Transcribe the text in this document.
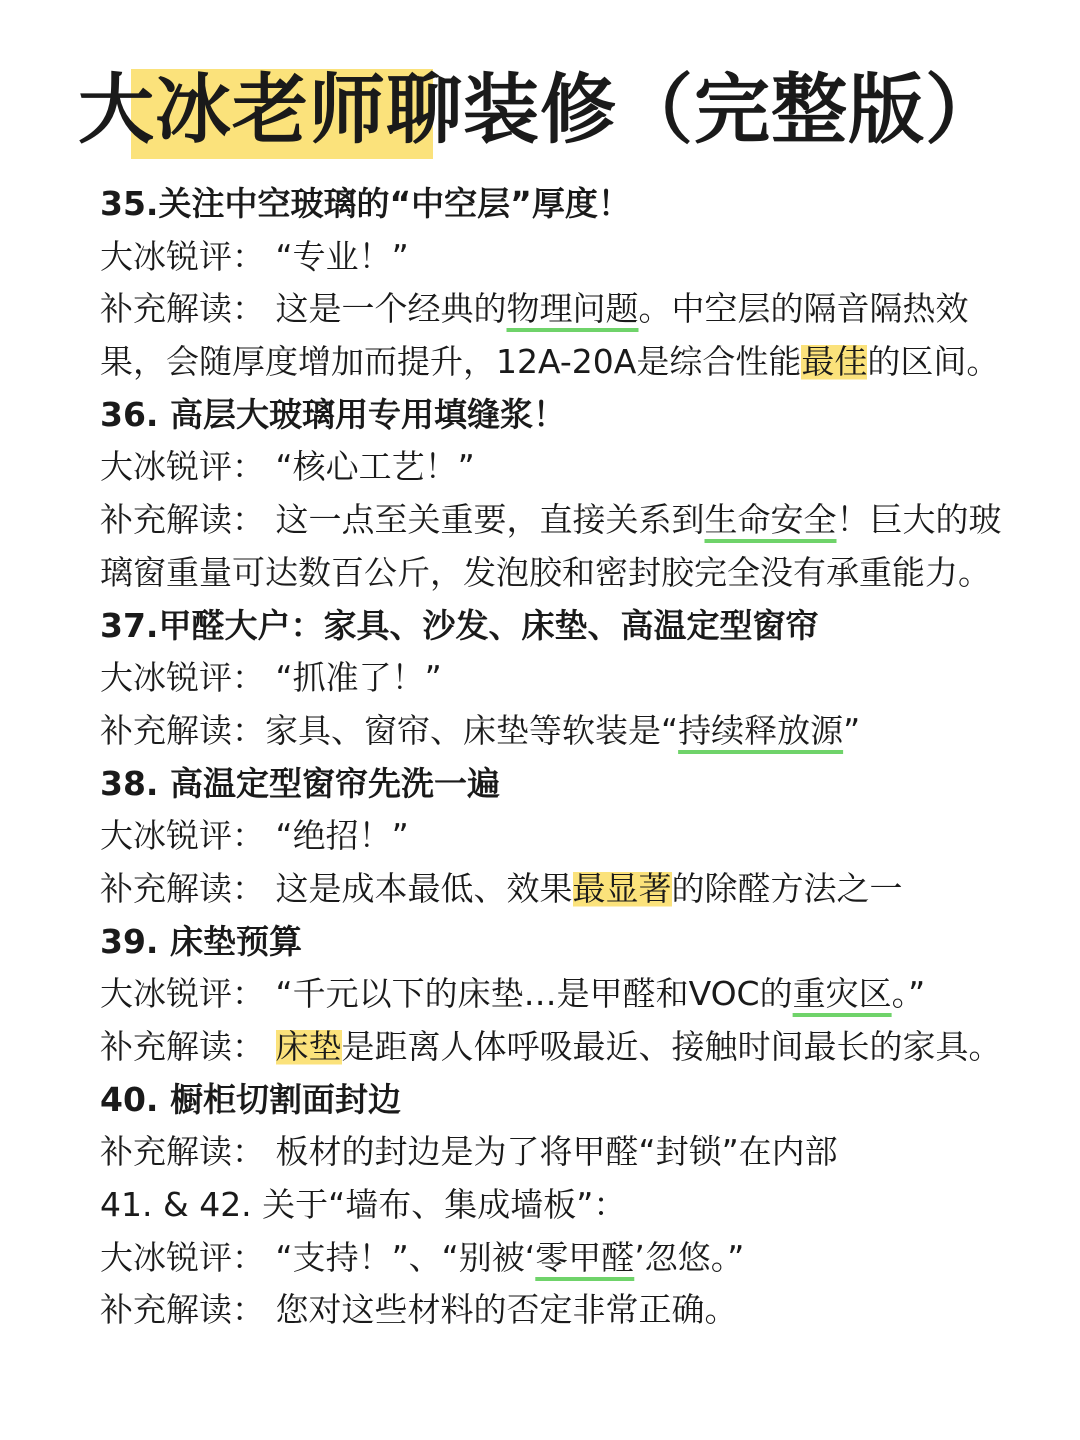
大冰老师聊装修（完整版）
35.关注中空玻璃的“中空层”厚度！
大冰锐评： “专业！”
补充解读： 这是一个经典的物理问题。中空层的隔音隔热效
果，会随厚度增加而提升，12A-20A是综合性能最佳的区间。
36. 高层大玻璃用专用填缝浆！
大冰锐评： “核心工艺！”
补充解读： 这一点至关重要，直接关系到生命安全！巨大的玻
璃窗重量可达数百公斤，发泡胶和密封胶完全没有承重能力。
37.甲醛大户：家具、沙发、床垫、高温定型窗帘
大冰锐评： “抓准了！”
补充解读：家具、窗帘、床垫等软装是“持续释放源”
38. 高温定型窗帘先洗一遍
大冰锐评： “绝招！”
补充解读： 这是成本最低、效果最显著的除醛方法之一
39. 床垫预算
大冰锐评： “千元以下的床垫…是甲醛和VOC的重灾区。”
补充解读： 床垫是距离人体呼吸最近、接触时间最长的家具。
40. 橱柜切割面封边
补充解读： 板材的封边是为了将甲醛“封锁”在内部
41. & 42. 关于“墙布、集成墙板”：
大冰锐评： “支持！”、“别被‘零甲醛’忽悠。”
补充解读： 您对这些材料的否定非常正确。
